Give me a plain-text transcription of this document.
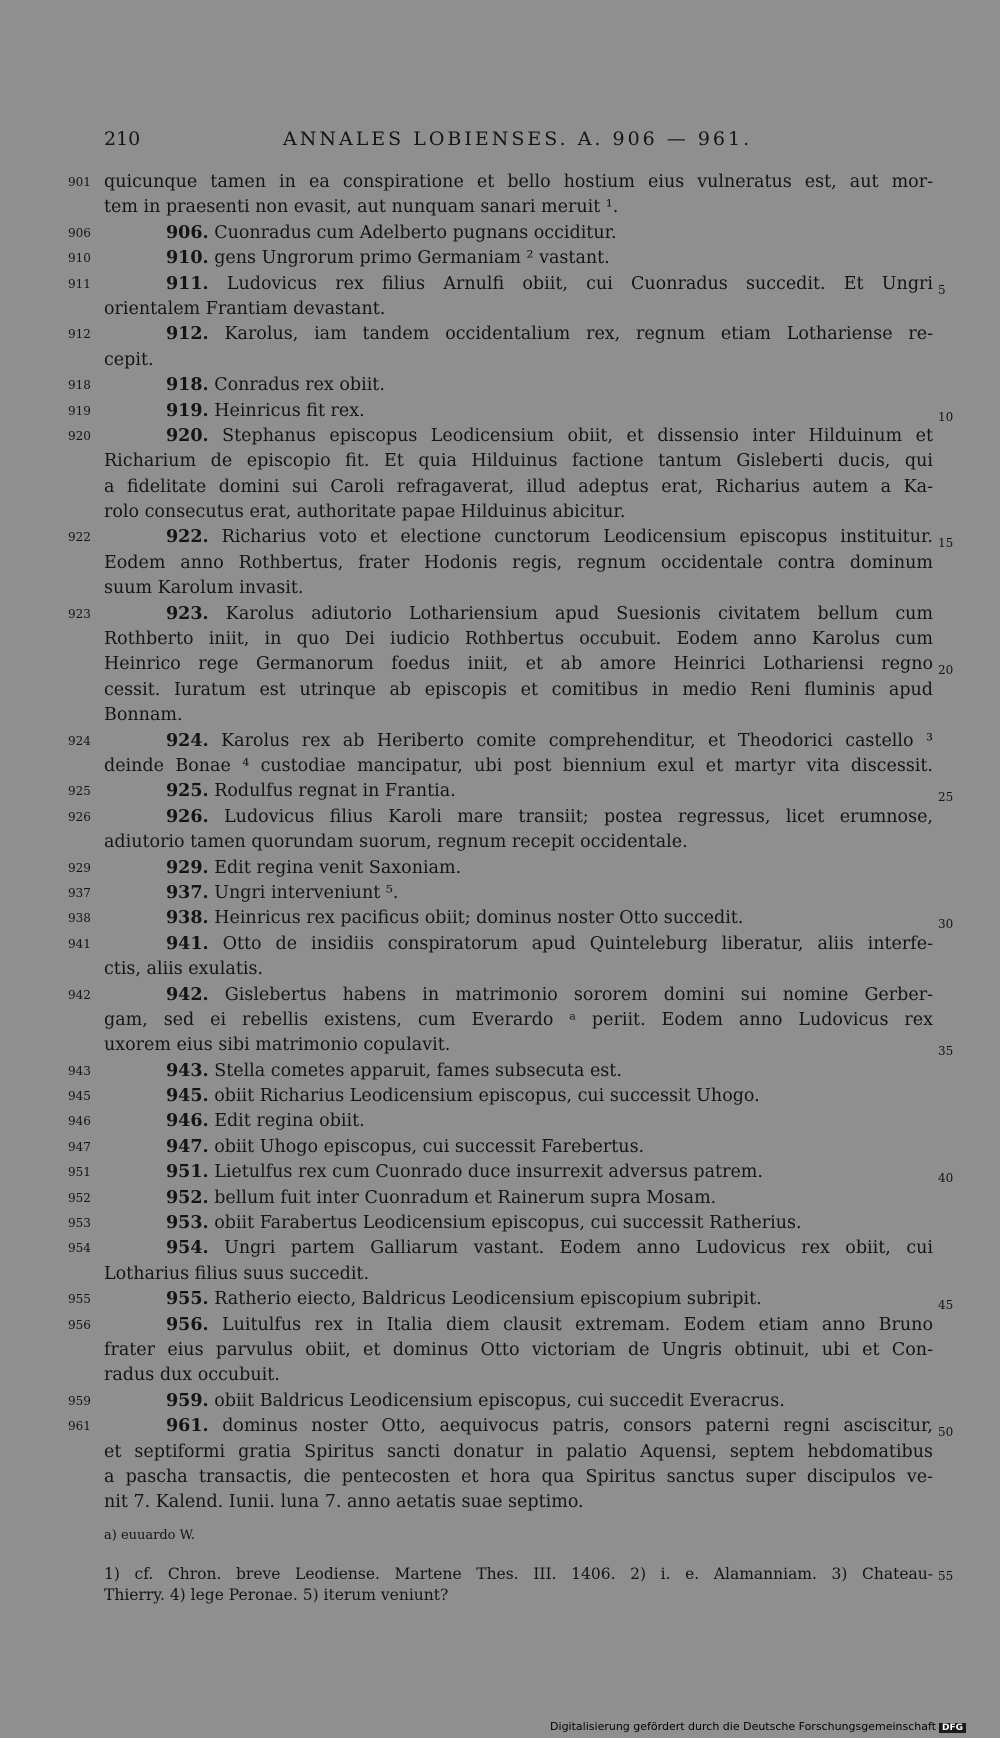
210	ANNALES LOBIENSES. A. 906 — 961.
901 quicunque tamen in ea conspiratione et bello hostium eius vulneratus est, aut mor-
tem in praesenti non evasit, aut nunquam sanari meruit ¹.
906	906. Cuonradus cum Adelberto pugnans occiditur.
910	910. gens Ungrorum primo Germaniam ² vastant.
911	911. Ludovicus rex filius Arnulfi obiit, cui Cuonradus succedit. Et Ungri 5
orientalem Frantiam devastant.
912	912. Karolus, iam tandem occidentalium rex, regnum etiam Lothariense re-
cepit.
918	918. Conradus rex obiit.
919	919. Heinricus fit rex.	10
920	920. Stephanus episcopus Leodicensium obiit, et dissensio inter Hilduinum et
Richarium de episcopio fit. Et quia Hilduinus factione tantum Gisleberti ducis, qui
a fidelitate domini sui Caroli refragaverat, illud adeptus erat, Richarius autem a Ka-
rolo consecutus erat, authoritate papae Hilduinus abicitur.
922	922. Richarius voto et electione cunctorum Leodicensium episcopus instituitur. 15
Eodem anno Rothbertus, frater Hodonis regis, regnum occidentale contra dominum
suum Karolum invasit.
923	923. Karolus adiutorio Lothariensium apud Suesionis civitatem bellum cum
Rothberto iniit, in quo Dei iudicio Rothbertus occubuit. Eodem anno Karolus cum
Heinrico rege Germanorum foedus iniit, et ab amore Heinrici Lothariensi regno 20
cessit. Iuratum est utrinque ab episcopis et comitibus in medio Reni fluminis apud
Bonnam.
924	924. Karolus rex ab Heriberto comite comprehenditur, et Theodorici castello ³
deinde Bonae ⁴ custodiae mancipatur, ubi post biennium exul et martyr vita discessit.
925	925. Rodulfus regnat in Frantia.	25
926	926. Ludovicus filius Karoli mare transiit; postea regressus, licet erumnose,
adiutorio tamen quorundam suorum, regnum recepit occidentale.
929	929. Edit regina venit Saxoniam.
937	937. Ungri interveniunt ⁵.
938	938. Heinricus rex pacificus obiit; dominus noster Otto succedit.	30
941	941. Otto de insidiis conspiratorum apud Quinteleburg liberatur, aliis interfe-
ctis, aliis exulatis.
942	942. Gislebertus habens in matrimonio sororem domini sui nomine Gerber-
gam, sed ei rebellis existens, cum Everardo ᵃ periit. Eodem anno Ludovicus rex
uxorem eius sibi matrimonio copulavit.	35
943	943. Stella cometes apparuit, fames subsecuta est.
945	945. obiit Richarius Leodicensium episcopus, cui successit Uhogo.
946	946. Edit regina obiit.
947	947. obiit Uhogo episcopus, cui successit Farebertus.
951	951. Lietulfus rex cum Cuonrado duce insurrexit adversus patrem.	40
952	952. bellum fuit inter Cuonradum et Rainerum supra Mosam.
953	953. obiit Farabertus Leodicensium episcopus, cui successit Ratherius.
954	954. Ungri partem Galliarum vastant. Eodem anno Ludovicus rex obiit, cui
Lotharius filius suus succedit.
955	955. Ratherio eiecto, Baldricus Leodicensium episcopium subripit.	45
956	956. Luitulfus rex in Italia diem clausit extremam. Eodem etiam anno Bruno
frater eius parvulus obiit, et dominus Otto victoriam de Ungris obtinuit, ubi et Con-
radus dux occubuit.
959	959. obiit Baldricus Leodicensium episcopus, cui succedit Everacrus.
961	961. dominus noster Otto, aequivocus patris, consors paterni regni asciscitur, 50
et septiformi gratia Spiritus sancti donatur in palatio Aquensi, septem hebdomatibus
a pascha transactis, die pentecosten et hora qua Spiritus sanctus super discipulos ve-
nit 7. Kalend. Iunii. luna 7. anno aetatis suae septimo.
a) euuardo W.
1) cf. Chron. breve Leodiense. Martene Thes. III. 1406. 2) i. e. Alamanniam. 3) Chateau- 55
Thierry. 4) lege Peronae. 5) iterum veniunt?
Digitalisierung gefördert durch die Deutsche Forschungsgemeinschaft DFG
